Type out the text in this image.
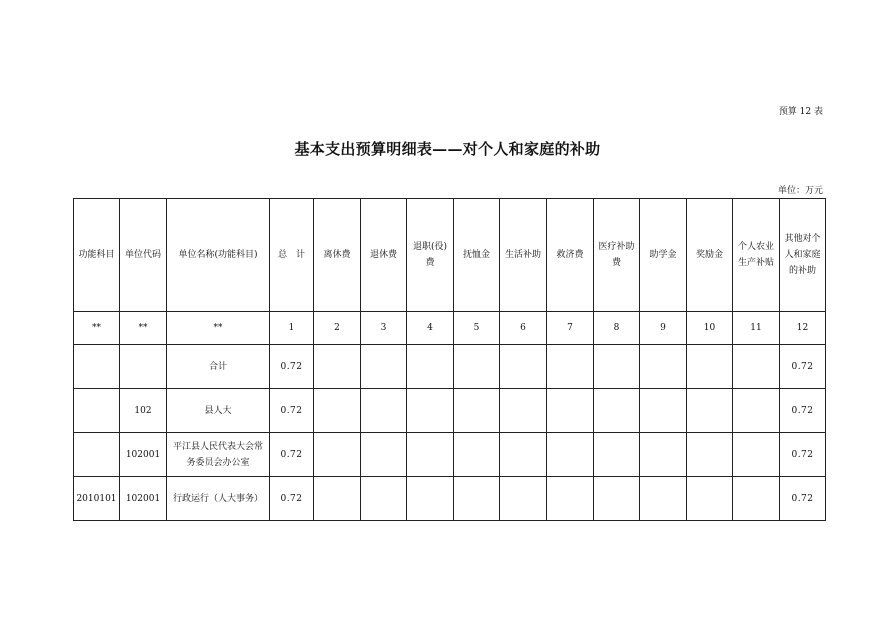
预算 12 表
基本支出预算明细表——对个人和家庭的补助
单位：万元
功能科目	单位代码	单位名称(功能科目)	总　计	离休费	退休费	退职(役)费	抚恤金	生活补助	救济费	医疗补助费	助学金	奖励金	个人农业生产补贴	其他对个人和家庭的补助
**	**	**	1	2	3	4	5	6	7	8	9	10	11	12
		合计	0.72											0.72
	102	县人大	0.72											0.72
	102001	平江县人民代表大会常务委员会办公室	0.72											0.72
2010101	102001	行政运行（人大事务）	0.72											0.72
